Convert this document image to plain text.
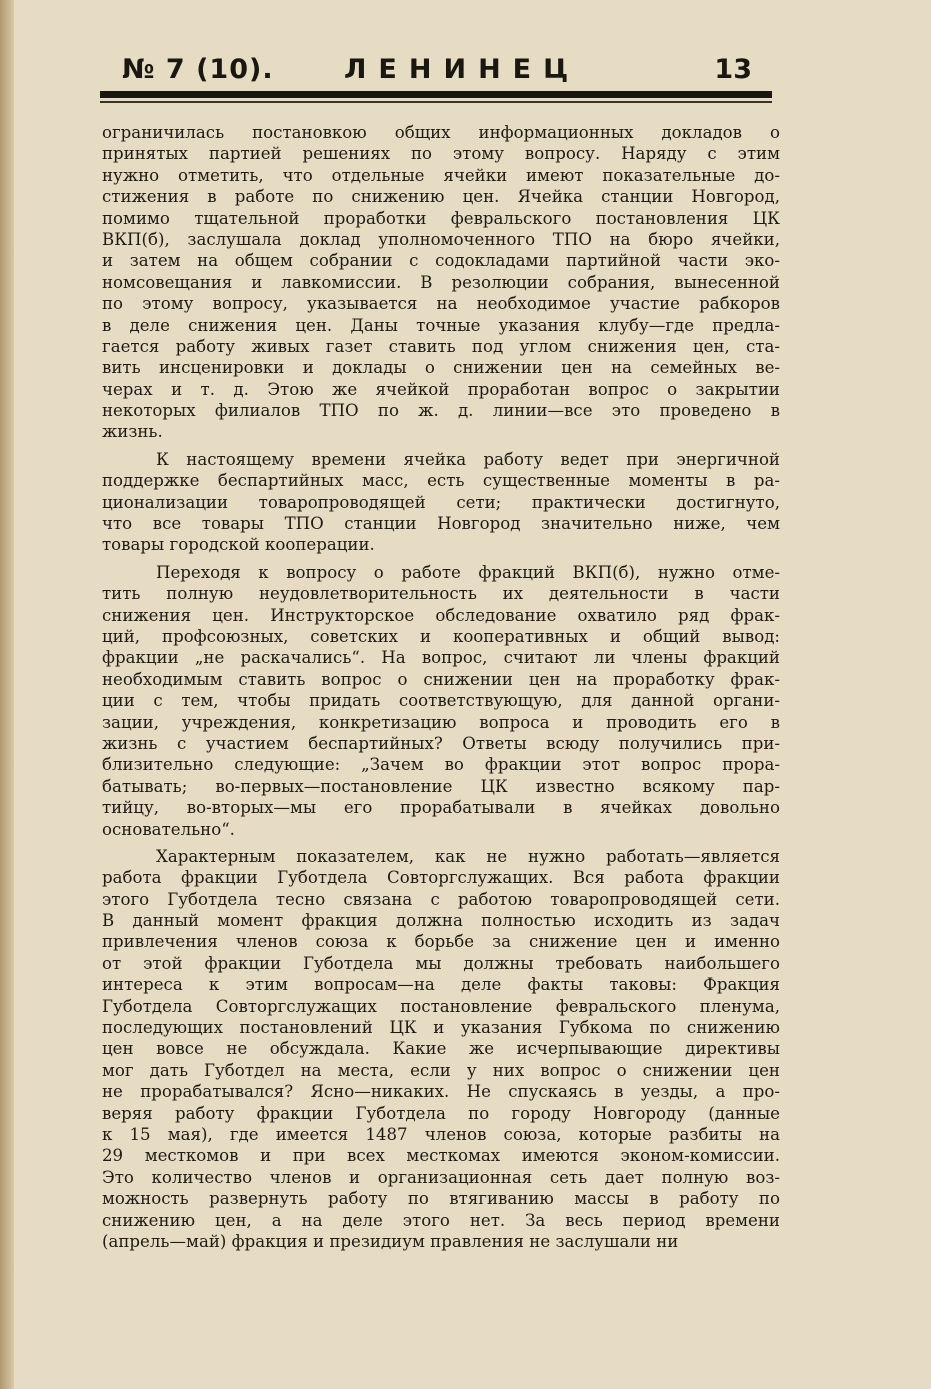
№ 7 (10).	ЛЕНИНЕЦ	13
ограничилась постановкою общих информационных докладов о
принятых партией решениях по этому вопросу. Наряду с этим
нужно отметить, что отдельные ячейки имеют показательные до-
стижения в работе по снижению цен. Ячейка станции Новгород,
помимо тщательной проработки февральского постановления ЦК
ВКП(б), заслушала доклад уполномоченного ТПО на бюро ячейки,
и затем на общем собрании с содокладами партийной части эко-
номсовещания и лавкомиссии. В резолюции собрания, вынесенной
по этому вопросу, указывается на необходимое участие рабкоров
в деле снижения цен. Даны точные указания клубу—где предла-
гается работу живых газет ставить под углом снижения цен, ста-
вить инсценировки и доклады о снижении цен на семейных ве-
черах и т. д. Этою же ячейкой проработан вопрос о закрытии
некоторых филиалов ТПО по ж. д. линии—все это проведено в
жизнь.
К настоящему времени ячейка работу ведет при энергичной
поддержке беспартийных масс, есть существенные моменты в ра-
ционализации товаропроводящей сети; практически достигнуто,
что все товары ТПО станции Новгород значительно ниже, чем
товары городской кооперации.
Переходя к вопросу о работе фракций ВКП(б), нужно отме-
тить полную неудовлетворительность их деятельности в части
снижения цен. Инструкторское обследование охватило ряд фрак-
ций, профсоюзных, советских и кооперативных и общий вывод:
фракции „не раскачались“. На вопрос, считают ли члены фракций
необходимым ставить вопрос о снижении цен на проработку фрак-
ции с тем, чтобы придать соответствующую, для данной органи-
зации, учреждения, конкретизацию вопроса и проводить его в
жизнь с участием беспартийных? Ответы всюду получились при-
близительно следующие: „Зачем во фракции этот вопрос прора-
батывать; во-первых—постановление ЦК известно всякому пар-
тийцу, во-вторых—мы его прорабатывали в ячейках довольно
основательно“.
Характерным показателем, как не нужно работать—является
работа фракции Губотдела Совторгслужащих. Вся работа фракции
этого Губотдела тесно связана с работою товаропроводящей сети.
В данный момент фракция должна полностью исходить из задач
привлечения членов союза к борьбе за снижение цен и именно
от этой фракции Губотдела мы должны требовать наибольшего
интереса к этим вопросам—на деле факты таковы: Фракция
Губотдела Совторгслужащих постановление февральского пленума,
последующих постановлений ЦК и указания Губкома по снижению
цен вовсе не обсуждала. Какие же исчерпывающие директивы
мог дать Губотдел на места, если у них вопрос о снижении цен
не прорабатывался? Ясно—никаких. Не спускаясь в уезды, а про-
веряя работу фракции Губотдела по городу Новгороду (данные
к 15 мая), где имеется 1487 членов союза, которые разбиты на
29 месткомов и при всех месткомах имеются эконом-комиссии.
Это количество членов и организационная сеть дает полную воз-
можность развернуть работу по втягиванию массы в работу по
снижению цен, а на деле этого нет. За весь период времени
(апрель—май) фракция и президиум правления не заслушали ни
